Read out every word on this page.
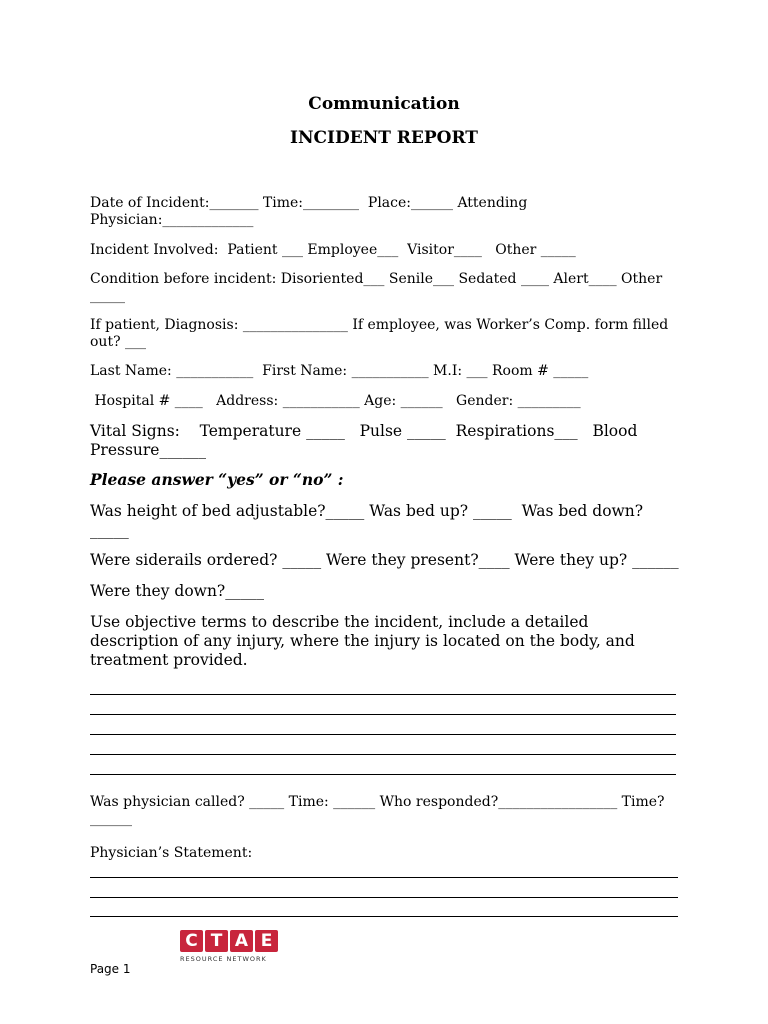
Communication
INCIDENT REPORT
Date of Incident:_______ Time:________  Place:______ Attending
Physician:_____________
Incident Involved:  Patient ___ Employee___  Visitor____   Other _____
Condition before incident: Disoriented___ Senile___ Sedated ____ Alert____ Other
_____
If patient, Diagnosis: _______________ If employee, was Worker’s Comp. form filled
out? ___
Last Name: ___________  First Name: ___________ M.I: ___ Room # _____
Hospital # ____   Address: ___________ Age: ______   Gender: _________
Vital Signs:    Temperature _____   Pulse _____  Respirations___   Blood
Pressure______
Please answer “yes” or “no” :
Was height of bed adjustable?_____ Was bed up? _____  Was bed down?
_____
Were siderails ordered? _____ Were they present?____ Were they up? ______
Were they down?_____
Use objective terms to describe the incident, include a detailed description of any injury, where the injury is located on the body, and treatment provided.
Was physician called? _____ Time: ______ Who responded?_________________ Time?
______
Physician’s Statement:
C T A E
RESOURCE NETWORK
Page 1
